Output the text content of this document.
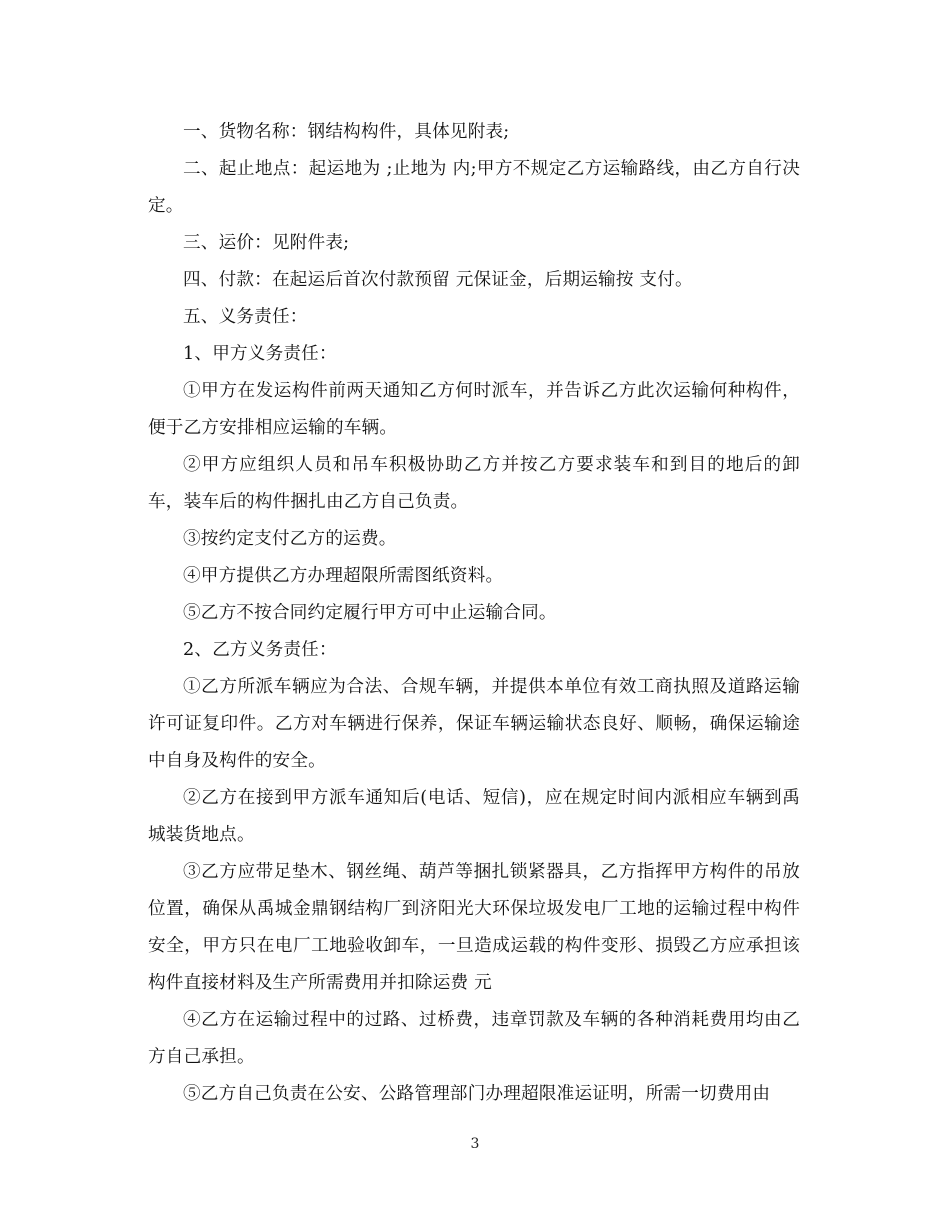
一、货物名称：钢结构构件，具体见附表;

二、起止地点：起运地为 ;止地为 内;甲方不规定乙方运输路线，由乙方自行决定。

三、运价：见附件表;

四、付款：在起运后首次付款预留 元保证金，后期运输按 支付。

五、义务责任：

1、甲方义务责任：

①甲方在发运构件前两天通知乙方何时派车，并告诉乙方此次运输何种构件，便于乙方安排相应运输的车辆。

②甲方应组织人员和吊车积极协助乙方并按乙方要求装车和到目的地后的卸车，装车后的构件捆扎由乙方自己负责。

③按约定支付乙方的运费。

④甲方提供乙方办理超限所需图纸资料。

⑤乙方不按合同约定履行甲方可中止运输合同。

2、乙方义务责任：

①乙方所派车辆应为合法、合规车辆，并提供本单位有效工商执照及道路运输许可证复印件。乙方对车辆进行保养，保证车辆运输状态良好、顺畅，确保运输途中自身及构件的安全。

②乙方在接到甲方派车通知后(电话、短信)，应在规定时间内派相应车辆到禹城装货地点。

③乙方应带足垫木、钢丝绳、葫芦等捆扎锁紧器具，乙方指挥甲方构件的吊放位置，确保从禹城金鼎钢结构厂到济阳光大环保垃圾发电厂工地的运输过程中构件安全，甲方只在电厂工地验收卸车，一旦造成运载的构件变形、损毁乙方应承担该构件直接材料及生产所需费用并扣除运费 元

④乙方在运输过程中的过路、过桥费，违章罚款及车辆的各种消耗费用均由乙方自己承担。

⑤乙方自己负责在公安、公路管理部门办理超限准运证明，所需一切费用由

3
